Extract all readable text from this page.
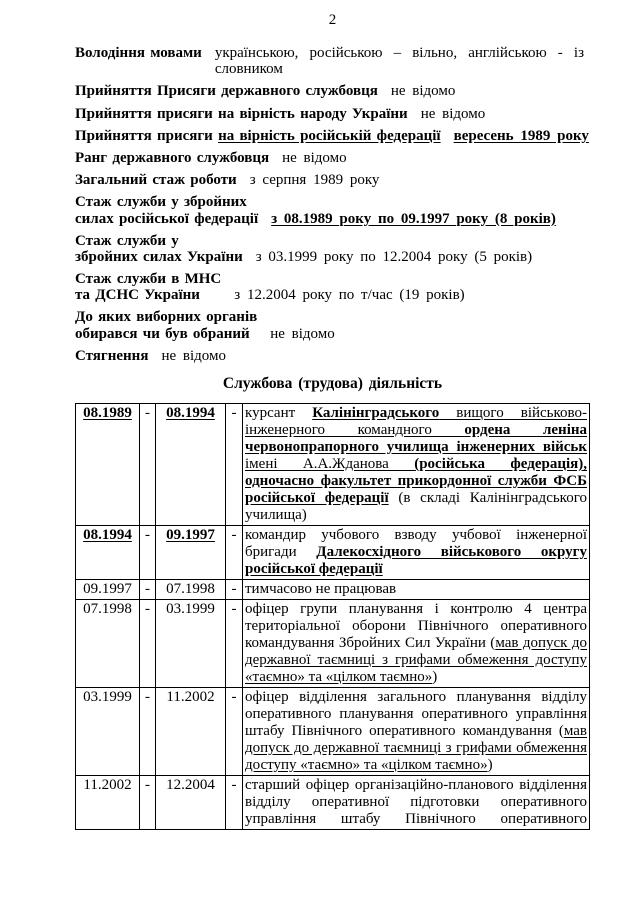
2
Володіння мовами українською, російською – вільно, англійською - із словником
Прийняття Присяги державного службовця не відомо
Прийняття присяги на вірність народу України не відомо
Прийняття присяги на вірність російській федерації вересень 1989 року
Ранг державного службовця не відомо
Загальний стаж роботи з серпня 1989 року
Стаж служби у збройних
силах російської федерації з 08.1989 року по 09.1997 року (8 років)
Стаж служби у
збройних силах України з 03.1999 року по 12.2004 року (5 років)
Стаж служби в МНС
та ДСНС України	з 12.2004 року по т/час (19 років)
До яких виборних органів
обирався чи був обраний	не відомо
Стягнення не відомо
Службова (трудова) діяльність
08.1989	-	08.1994	-	курсант Калінінградського вищого військово-інженерного командного ордена леніна червонопрапорного училища інженерних військ імені А.А.Жданова (російська федерація), одночасно факультет прикордонної служби ФСБ російської федерації (в складі Калінінградського училища)
08.1994	-	09.1997	-	командир учбового взводу учбової інженерної бригади Далекосхідного військового округу російської федерації
09.1997	-	07.1998	-	тимчасово не працював
07.1998	-	03.1999	-	офіцер групи планування і контролю 4 центра територіальної оборони Північного оперативного командування Збройних Сил України (мав допуск до державної таємниці з грифами обмеження доступу «таємно» та «цілком таємно»)
03.1999	-	11.2002	-	офіцер відділення загального планування відділу оперативного планування оперативного управління штабу Північного оперативного командування (мав допуск до державної таємниці з грифами обмеження доступу «таємно» та «цілком таємно»)
11.2002	-	12.2004	-	старший офіцер організаційно-планового відділення відділу оперативної підготовки оперативного управління штабу Північного оперативного
